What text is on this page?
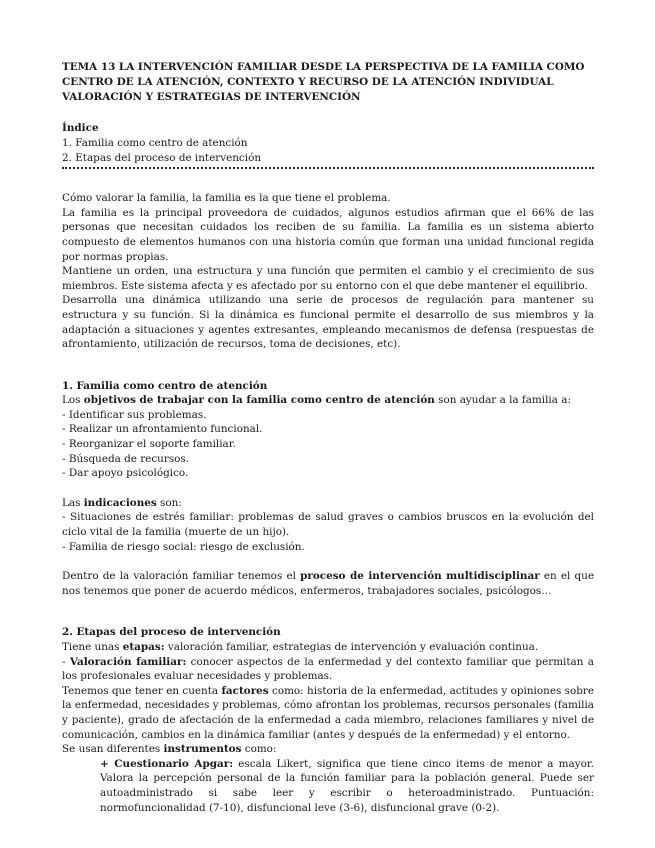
TEMA 13 LA INTERVENCIÓN FAMILIAR DESDE LA PERSPECTIVA DE LA FAMILIA COMO CENTRO DE LA ATENCIÓN, CONTEXTO Y RECURSO DE LA ATENCIÓN INDIVIDUAL VALORACIÓN Y ESTRATEGIAS DE INTERVENCIÓN

Índice

1. Familia como centro de atención

2. Etapas del proceso de intervención

Cómo valorar la familia, la familia es la que tiene el problema.

La familia es la principal proveedora de cuidados, algunos estudios afirman que el 66% de las personas que necesitan cuidados los reciben de su familia. La familia es un sistema abierto compuesto de elementos humanos con una historia común que forman una unidad funcional regida por normas propias.

Mantiene un orden, una estructura y una función que permiten el cambio y el crecimiento de sus miembros. Este sistema afecta y es afectado por su entorno con el que debe mantener el equilibrio.

Desarrolla una dinámica utilizando una serie de procesos de regulación para mantener su estructura y su función. Si la dinámica es funcional permite el desarrollo de sus miembros y la adaptación a situaciones y agentes extresantes, empleando mecanismos de defensa (respuestas de afrontamiento, utilización de recursos, toma de decisiones, etc).

1. Familia como centro de atención

Los objetivos de trabajar con la familia como centro de atención son ayudar a la familia a:

- Identificar sus problemas.

- Realizar un afrontamiento funcional.

- Reorganizar el soporte familiar.

- Búsqueda de recursos.

- Dar apoyo psicológico.

Las indicaciones son:

- Situaciones de estrés familiar: problemas de salud graves o cambios bruscos en la evolución del ciclo vital de la familia (muerte de un hijo).

- Familia de riesgo social: riesgo de exclusión.

Dentro de la valoración familiar tenemos el proceso de intervención multidisciplinar en el que nos tenemos que poner de acuerdo médicos, enfermeros, trabajadores sociales, psicólogos…

2. Etapas del proceso de intervención

Tiene unas etapas: valoración familiar, estrategias de intervención y evaluación continua.

- Valoración familiar: conocer aspectos de la enfermedad y del contexto familiar que permitan a los profesionales evaluar necesidades y problemas.

Tenemos que tener en cuenta factores como: historia de la enfermedad, actitudes y opiniones sobre la enfermedad, necesidades y problemas, cómo afrontan los problemas, recursos personales (familia y paciente), grado de afectación de la enfermedad a cada miembro, relaciones familiares y nivel de comunicación, cambios en la dinámica familiar (antes y después de la enfermedad) y el entorno.

Se usan diferentes instrumentos como:

+ Cuestionario Apgar: escala Likert, significa que tiene cinco items de menor a mayor. Valora la percepción personal de la función familiar para la población general. Puede ser autoadministrado si sabe leer y escribir o heteroadministrado. Puntuación: normofuncionalidad (7-10), disfuncional leve (3-6), disfuncional grave (0-2).
